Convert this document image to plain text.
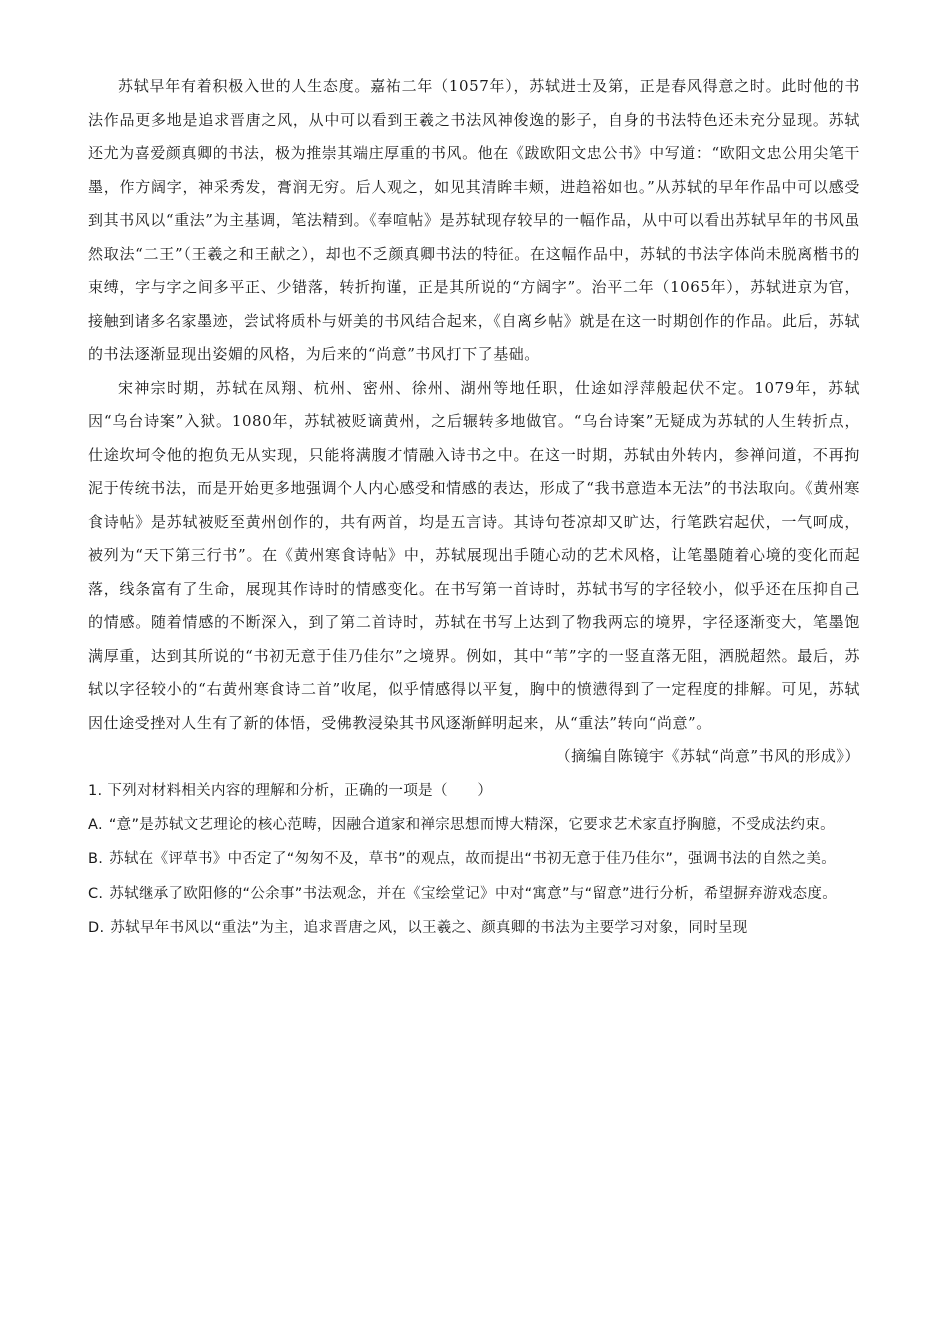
苏轼早年有着积极入世的人生态度。嘉祐二年（1057年），苏轼进士及第，正是春风得意之时。此时他的书法作品更多地是追求晋唐之风，从中可以看到王羲之书法风神俊逸的影子，自身的书法特色还未充分显现。苏轼还尤为喜爱颜真卿的书法，极为推崇其端庄厚重的书风。他在《跋欧阳文忠公书》中写道：“欧阳文忠公用尖笔干墨，作方阔字，神采秀发，膏润无穷。后人观之，如见其清眸丰颊，进趋裕如也。”从苏轼的早年作品中可以感受到其书风以“重法”为主基调，笔法精到。《奉喧帖》是苏轼现存较早的一幅作品，从中可以看出苏轼早年的书风虽然取法“二王”（王羲之和王献之），却也不乏颜真卿书法的特征。在这幅作品中，苏轼的书法字体尚未脱离楷书的束缚，字与字之间多平正、少错落，转折拘谨，正是其所说的“方阔字”。治平二年（1065年），苏轼进京为官，接触到诸多名家墨迹，尝试将质朴与妍美的书风结合起来，《自离乡帖》就是在这一时期创作的作品。此后，苏轼的书法逐渐显现出姿媚的风格，为后来的“尚意”书风打下了基础。

宋神宗时期，苏轼在凤翔、杭州、密州、徐州、湖州等地任职，仕途如浮萍般起伏不定。1079年，苏轼因“乌台诗案”入狱。1080年，苏轼被贬谪黄州，之后辗转多地做官。“乌台诗案”无疑成为苏轼的人生转折点，仕途坎坷令他的抱负无从实现，只能将满腹才情融入诗书之中。在这一时期，苏轼由外转内，参禅问道，不再拘泥于传统书法，而是开始更多地强调个人内心感受和情感的表达，形成了“我书意造本无法”的书法取向。《黄州寒食诗帖》是苏轼被贬至黄州创作的，共有两首，均是五言诗。其诗句苍凉却又旷达，行笔跌宕起伏，一气呵成，被列为“天下第三行书”。在《黄州寒食诗帖》中，苏轼展现出手随心动的艺术风格，让笔墨随着心境的变化而起落，线条富有了生命，展现其作诗时的情感变化。在书写第一首诗时，苏轼书写的字径较小，似乎还在压抑自己的情感。随着情感的不断深入，到了第二首诗时，苏轼在书写上达到了物我两忘的境界，字径逐渐变大，笔墨饱满厚重，达到其所说的“书初无意于佳乃佳尔”之境界。例如，其中“苇”字的一竖直落无阻，洒脱超然。最后，苏轼以字径较小的“右黄州寒食诗二首”收尾，似乎情感得以平复，胸中的愤懑得到了一定程度的排解。可见，苏轼因仕途受挫对人生有了新的体悟，受佛教浸染其书风逐渐鲜明起来，从“重法”转向“尚意”。

（摘编自陈镜宇《苏轼“尚意”书风的形成》）

1. 下列对材料相关内容的理解和分析，正确的一项是（　　）

A. “意”是苏轼文艺理论的核心范畴，因融合道家和禅宗思想而博大精深，它要求艺术家直抒胸臆，不受成法约束。

B. 苏轼在《评草书》中否定了“匆匆不及，草书”的观点，故而提出“书初无意于佳乃佳尔”，强调书法的自然之美。

C. 苏轼继承了欧阳修的“公余事”书法观念，并在《宝绘堂记》中对“寓意”与“留意”进行分析，希望摒弃游戏态度。

D. 苏轼早年书风以“重法”为主，追求晋唐之风，以王羲之、颜真卿的书法为主要学习对象，同时呈现
